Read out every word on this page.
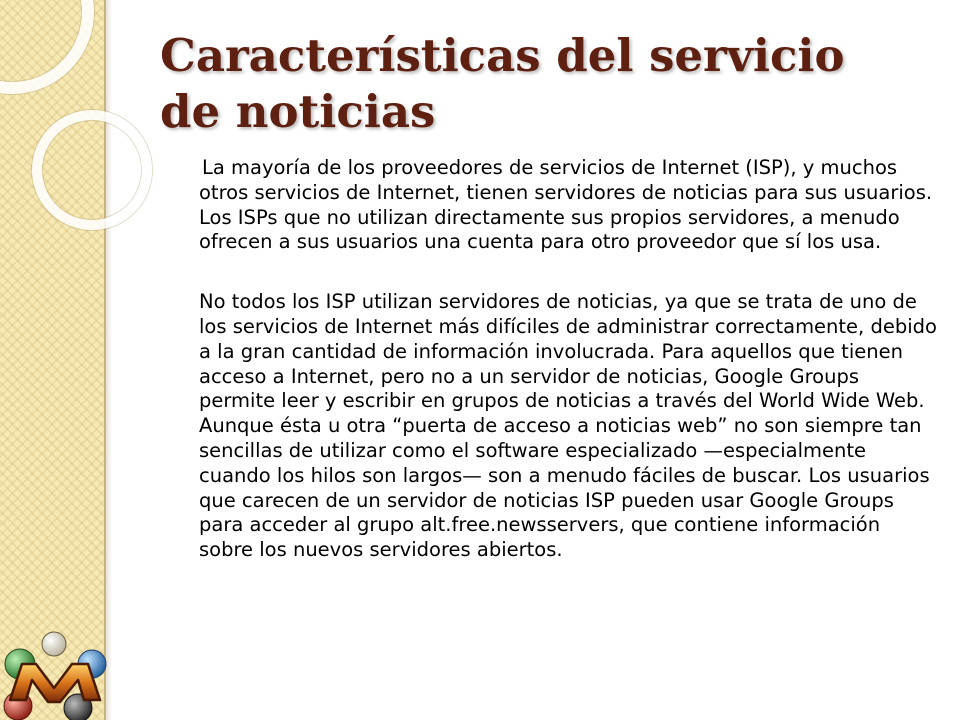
Características del servicio de noticias

La mayoría de los proveedores de servicios de Internet (ISP), y muchos otros servicios de Internet, tienen servidores de noticias para sus usuarios. Los ISPs que no utilizan directamente sus propios servidores, a menudo ofrecen a sus usuarios una cuenta para otro proveedor que sí los usa.

No todos los ISP utilizan servidores de noticias, ya que se trata de uno de los servicios de Internet más difíciles de administrar correctamente, debido a la gran cantidad de información involucrada. Para aquellos que tienen acceso a Internet, pero no a un servidor de noticias, Google Groups permite leer y escribir en grupos de noticias a través del World Wide Web. Aunque ésta u otra “puerta de acceso a noticias web” no son siempre tan sencillas de utilizar como el software especializado —especialmente cuando los hilos son largos— son a menudo fáciles de buscar. Los usuarios que carecen de un servidor de noticias ISP pueden usar Google Groups para acceder al grupo alt.free.newsservers, que contiene información sobre los nuevos servidores abiertos.
